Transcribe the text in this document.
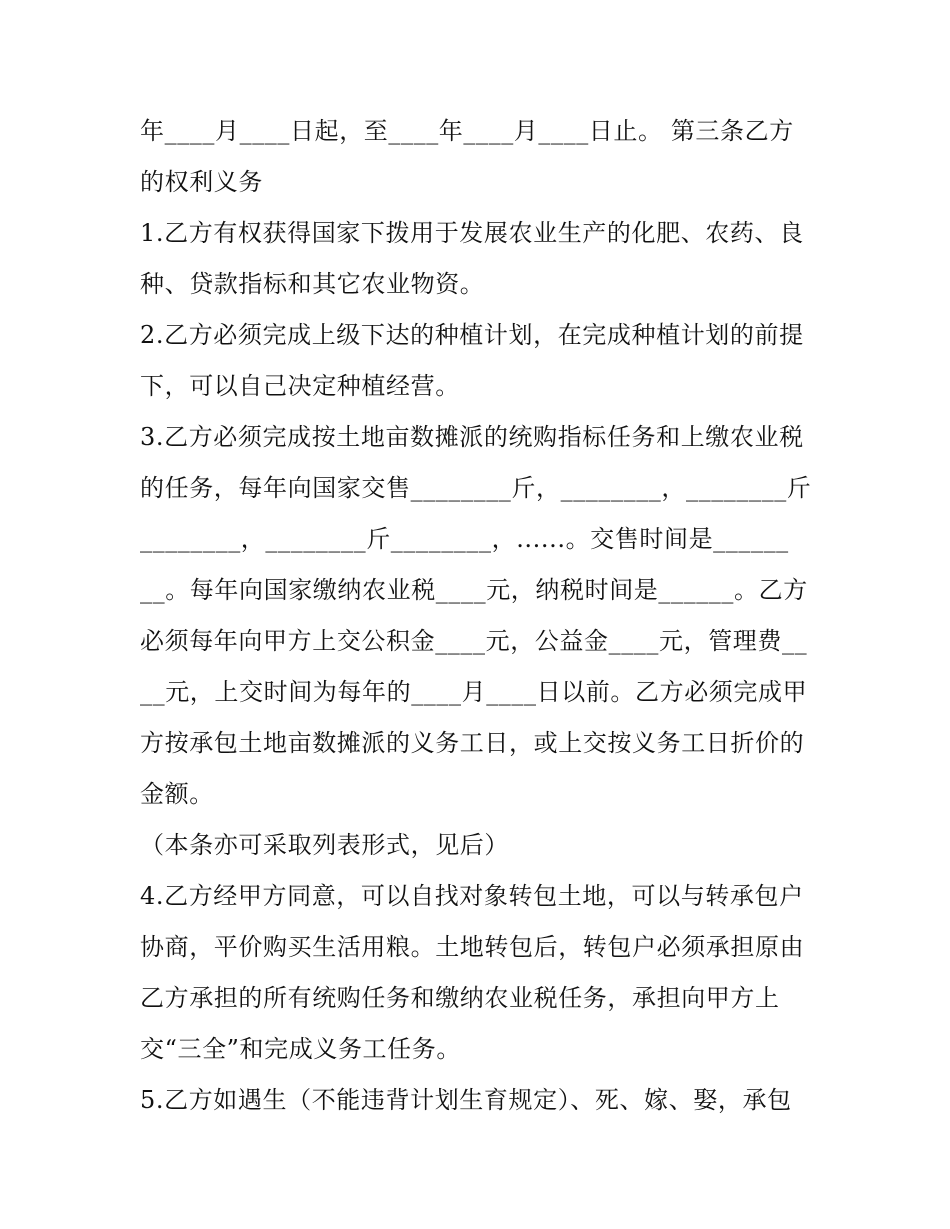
年____月____日起，至____年____月____日止。 第三条乙方
的权利义务
1.乙方有权获得国家下拨用于发展农业生产的化肥、农药、良
种、贷款指标和其它农业物资。
2.乙方必须完成上级下达的种植计划，在完成种植计划的前提
下，可以自己决定种植经营。
3.乙方必须完成按土地亩数摊派的统购指标任务和上缴农业税
的任务，每年向国家交售________斤，________，________斤
________，________斤________，......。交售时间是______
__。每年向国家缴纳农业税____元，纳税时间是______。乙方
必须每年向甲方上交公积金____元，公益金____元，管理费__
__元，上交时间为每年的____月____日以前。乙方必须完成甲
方按承包土地亩数摊派的义务工日，或上交按义务工日折价的
金额。
（本条亦可采取列表形式，见后）
4.乙方经甲方同意，可以自找对象转包土地，可以与转承包户
协商，平价购买生活用粮。土地转包后，转包户必须承担原由
乙方承担的所有统购任务和缴纳农业税任务，承担向甲方上
交“三全”和完成义务工任务。
5.乙方如遇生（不能违背计划生育规定）、死、嫁、娶，承包
